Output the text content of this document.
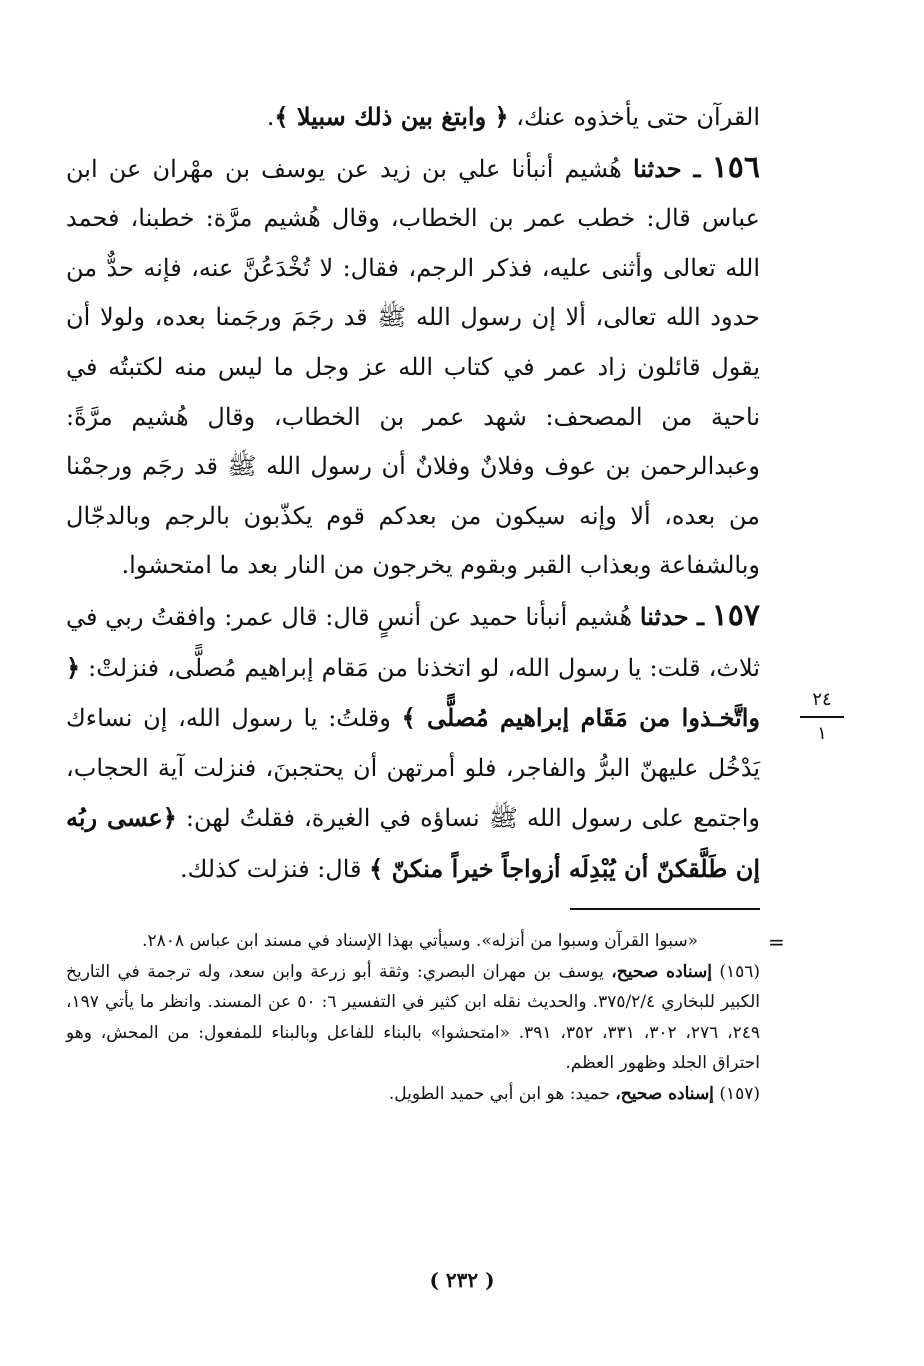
القرآن حتى يأخذوه عنك، ﴿ وابتغ بين ذلك سبيلا ﴾.

١٥٦ ـ حدثنا هُشيم أنبأنا علي بن زيد عن يوسف بن مهْران عن ابن عباس قال: خطب عمر بن الخطاب، وقال هُشيم مرَّة: خطبنا، فحمد الله تعالى وأثنى عليه، فذكر الرجم، فقال: لا تُخْدَعُنَّ عنه، فإنه حدٌّ من حدود الله تعالى، ألا إن رسول الله ﷺ قد رجَمَ ورجَمنا بعده، ولولا أن يقول قائلون زاد عمر في كتاب الله عز وجل ما ليس منه لكتبتُه في ناحية من المصحف: شهد عمر بن الخطاب، وقال هُشيم مرَّةً: وعبدالرحمن بن عوف وفلانٌ وفلانٌ أن رسول الله ﷺ قد رجَم ورجمْنا من بعده، ألا وإنه سيكون من بعدكم قوم يكذّبون بالرجم وبالدجّال وبالشفاعة وبعذاب القبر وبقوم يخرجون من النار بعد ما امتحشوا.

١٥٧ ـ حدثنا هُشيم أنبأنا حميد عن أنسٍ قال: قال عمر: وافقتُ ربي في ثلاث، قلت: يا رسول الله، لو اتخذنا من مَقام إبراهيم مُصلًّى، فنزلتْ: ﴿ واتَّخـذوا من مَقَام إبراهيم مُصلًّى ﴾ وقلتُ: يا رسول الله، إن نساءك يَدْخُل عليهنّ البرُّ والفاجر، فلو أمرتهن أن يحتجبنَ، فنزلت آية الحجاب، واجتمع على رسول الله ﷺ نساؤه في الغيرة، فقلتُ لهن: ﴿عسى ربُه إن طَلَّقكنّ أن يُبْدِلَه أزواجاً خيراً منكنّ ﴾ قال: فنزلت كذلك.

٢٤
١
=

«سبوا القرآن وسبوا من أنزله». وسيأتي بهذا الإسناد في مسند ابن عباس ٢٨٠٨.

(١٥٦) إسناده صحيح، يوسف بن مهران البصري: وثقة أبو زرعة وابن سعد، وله ترجمة في التاريخ الكبير للبخاري ٣٧٥/٢/٤. والحديث نقله ابن كثير في التفسير ٦: ٥٠ عن المسند. وانظر ما يأتي ١٩٧، ٢٤٩، ٢٧٦، ٣٠٢، ٣٣١، ٣٥٢، ٣٩١. «امتحشوا» بالبناء للفاعل وبالبناء للمفعول: من المحش، وهو احتراق الجلد وظهور العظم.

(١٥٧) إسناده صحيح، حميد: هو ابن أبي حميد الطويل.

( ٢٣٢ )
